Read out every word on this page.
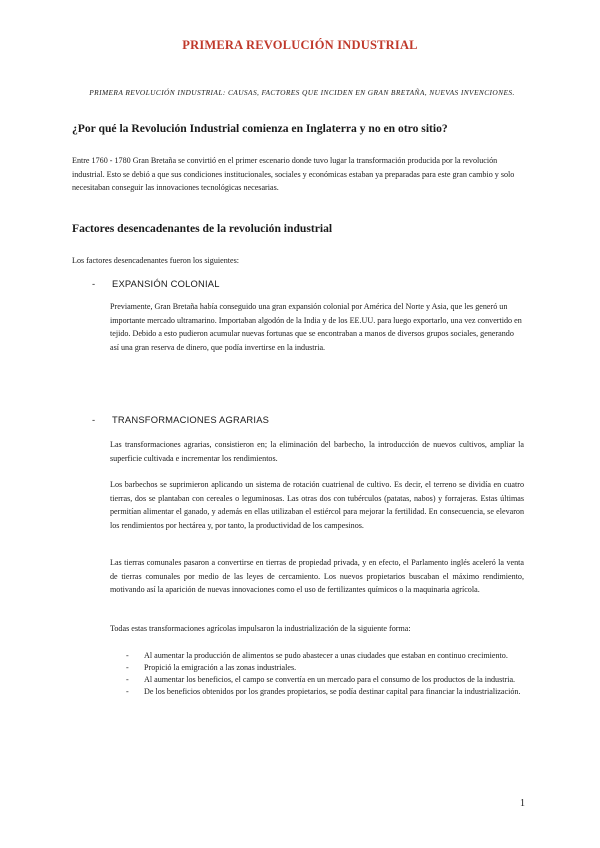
PRIMERA REVOLUCIÓN INDUSTRIAL
PRIMERA REVOLUCIÓN INDUSTRIAL: CAUSAS, FACTORES QUE INCIDEN EN GRAN BRETAÑA, NUEVAS INVENCIONES.
¿Por qué la Revolución Industrial comienza en Inglaterra y no en otro sitio?
Entre 1760 - 1780 Gran Bretaña se convirtió en el primer escenario donde tuvo lugar la transformación producida por la revolución industrial. Esto se debió a que sus condiciones institucionales, sociales y económicas estaban ya preparadas para este gran cambio y solo necesitaban conseguir las innovaciones tecnológicas necesarias.
Factores desencadenantes de la revolución industrial
Los factores desencadenantes fueron los siguientes:
- EXPANSIÓN COLONIAL
Previamente, Gran Bretaña había conseguido una gran expansión colonial por América del Norte y Asia, que les generó un importante mercado ultramarino. Importaban algodón de la India y de los EE.UU. para luego exportarlo, una vez convertido en tejido. Debido a esto pudieron acumular nuevas fortunas que se encontraban a manos de diversos grupos sociales, generando así una gran reserva de dinero, que podía invertirse en la industria.
- TRANSFORMACIONES AGRARIAS
Las transformaciones agrarias, consistieron en; la eliminación del barbecho, la introducción de nuevos cultivos, ampliar la superficie cultivada e incrementar los rendimientos.
Los barbechos se suprimieron aplicando un sistema de rotación cuatrienal de cultivo. Es decir, el terreno se dividía en cuatro tierras, dos se plantaban con cereales o leguminosas. Las otras dos con tubérculos (patatas, nabos) y forrajeras. Estas últimas permitían alimentar el ganado, y además en ellas utilizaban el estiércol para mejorar la fertilidad. En consecuencia, se elevaron los rendimientos por hectárea y, por tanto, la productividad de los campesinos.
Las tierras comunales pasaron a convertirse en tierras de propiedad privada, y en efecto, el Parlamento inglés aceleró la venta de tierras comunales por medio de las leyes de cercamiento. Los nuevos propietarios buscaban el máximo rendimiento, motivando así la aparición de nuevas innovaciones como el uso de fertilizantes químicos o la maquinaria agrícola.
Todas estas transformaciones agrícolas impulsaron la industrialización de la siguiente forma:
- Al aumentar la producción de alimentos se pudo abastecer a unas ciudades que estaban en continuo crecimiento.
- Propició la emigración a las zonas industriales.
- Al aumentar los beneficios, el campo se convertía en un mercado para el consumo de los productos de la industria.
- De los beneficios obtenidos por los grandes propietarios, se podía destinar capital para financiar la industrialización.
1
